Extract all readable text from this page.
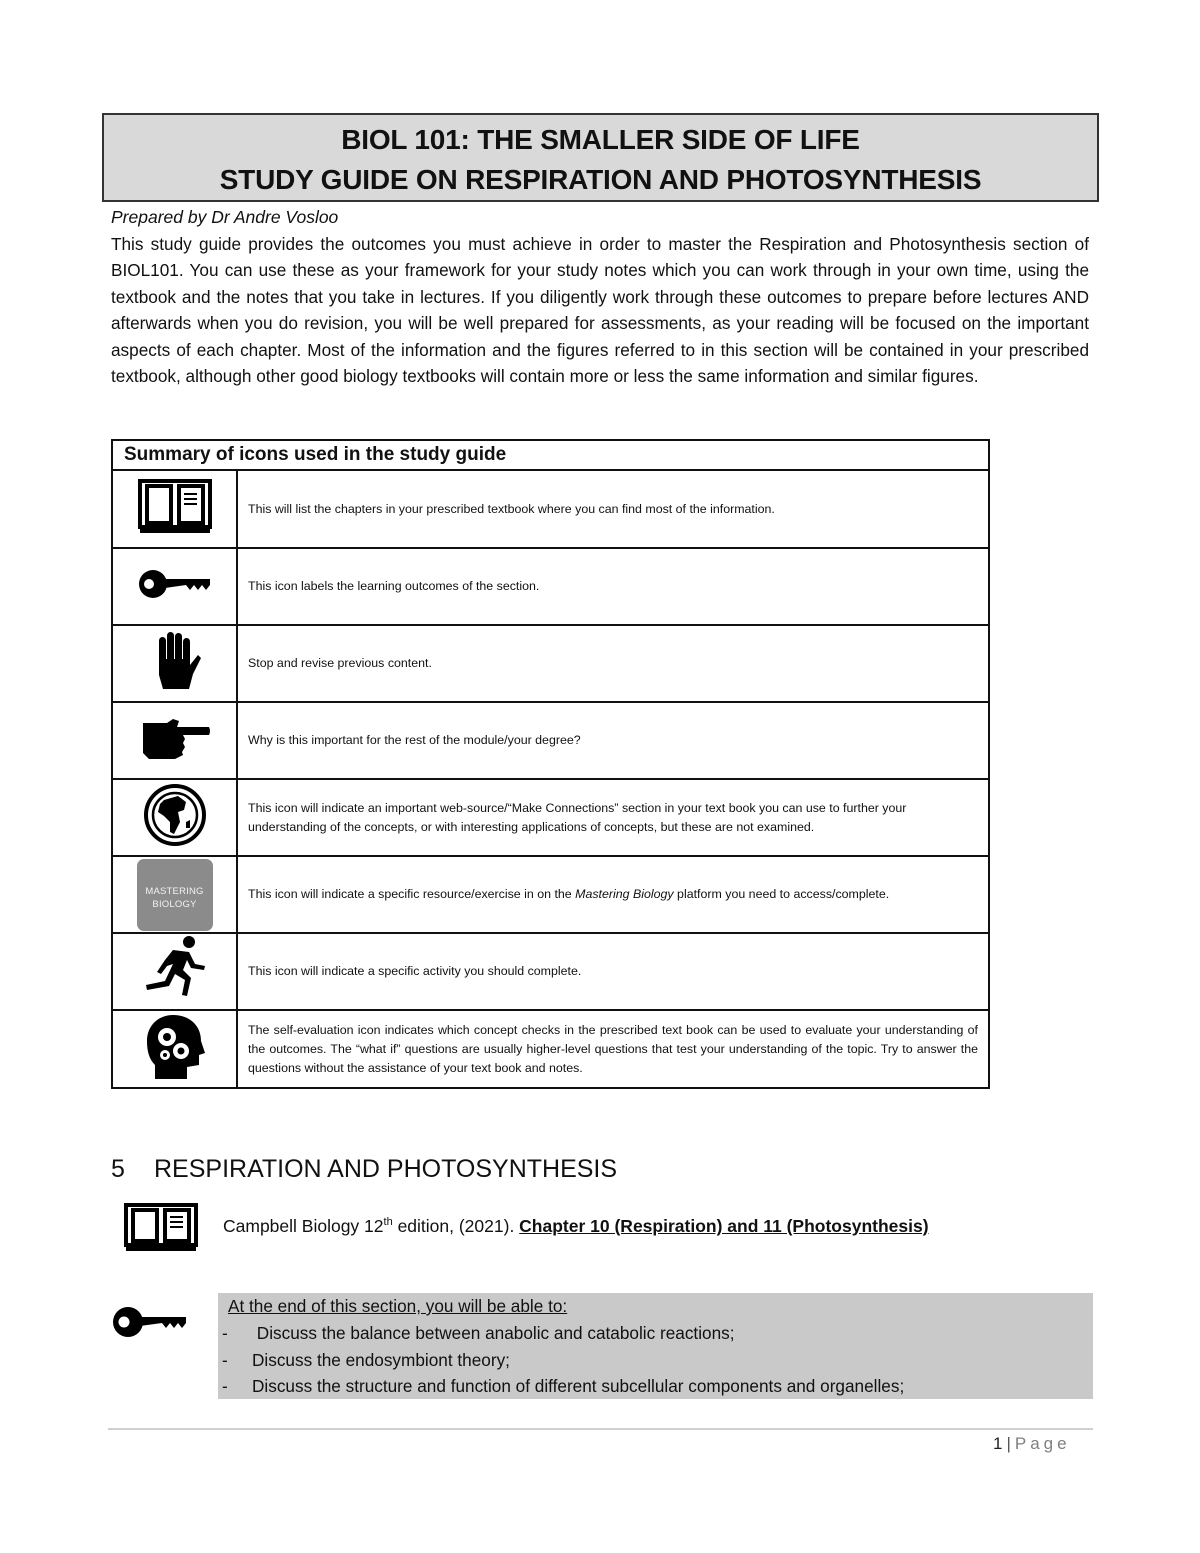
BIOL 101: THE SMALLER SIDE OF LIFE
STUDY GUIDE ON RESPIRATION AND PHOTOSYNTHESIS
Prepared by Dr Andre Vosloo

This study guide provides the outcomes you must achieve in order to master the Respiration and Photosynthesis section of BIOL101. You can use these as your framework for your study notes which you can work through in your own time, using the textbook and the notes that you take in lectures. If you diligently work through these outcomes to prepare before lectures AND afterwards when you do revision, you will be well prepared for assessments, as your reading will be focused on the important aspects of each chapter. Most of the information and the figures referred to in this section will be contained in your prescribed textbook, although other good biology textbooks will contain more or less the same information and similar figures.

Summary of icons used in the study guide	
	This will list the chapters in your prescribed textbook where you can find most of the information.
	This icon labels the learning outcomes of the section.
	Stop and revise previous content.
	Why is this important for the rest of the module/your degree?
	This icon will indicate an important web-source/“Make Connections” section in your text book you can use to further your understanding of the concepts, or with interesting applications of concepts, but these are not examined.

MASTERING
BIOLOGY	This icon will indicate a specific resource/exercise in on the Mastering Biology platform you need to access/complete.
	This icon will indicate a specific activity you should complete.
	The self-evaluation icon indicates which concept checks in the prescribed text book can be used to evaluate your understanding of the outcomes. The “what if” questions are usually higher-level questions that test your understanding of the topic. Try to answer the questions without the assistance of your text book and notes.
5 RESPIRATION AND PHOTOSYNTHESIS
Campbell Biology 12th edition, (2021). Chapter 10 (Respiration) and 11 (Photosynthesis)
At the end of this section, you will be able to:
- Discuss the balance between anabolic and catabolic reactions;
- Discuss the endosymbiont theory;
- Discuss the structure and function of different subcellular components and organelles;
1 | Page
